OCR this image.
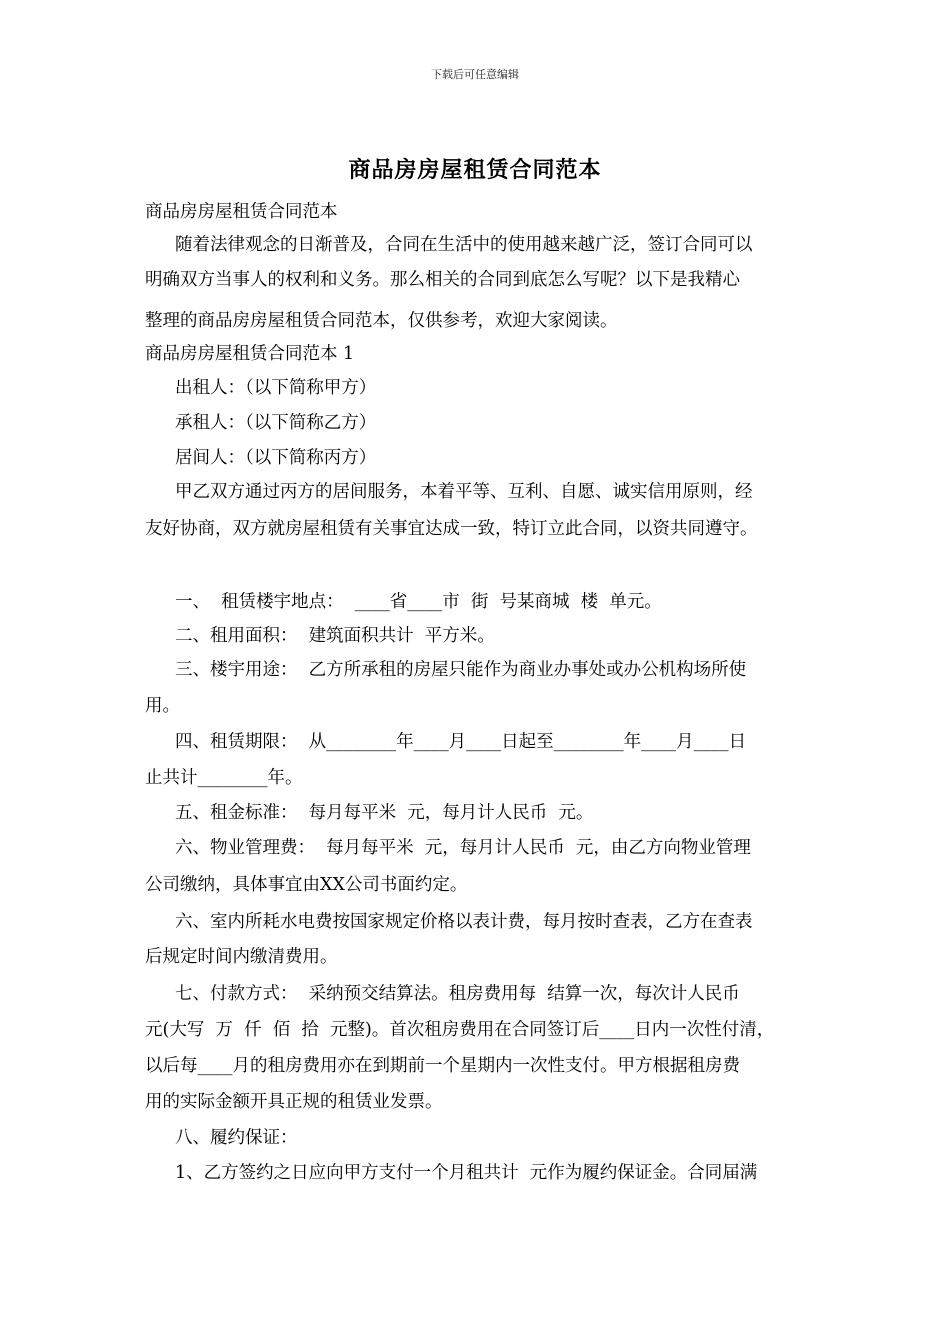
下载后可任意编辑
商品房房屋租赁合同范本
商品房房屋租赁合同范本
随着法律观念的日渐普及，合同在生活中的使用越来越广泛，签订合同可以
明确双方当事人的权利和义务。那么相关的合同到底怎么写呢？以下是我精心
整理的商品房房屋租赁合同范本，仅供参考，欢迎大家阅读。
商品房房屋租赁合同范本 1
出租人：（以下简称甲方）
承租人：（以下简称乙方）
居间人：（以下简称丙方）
甲乙双方通过丙方的居间服务，本着平等、互利、自愿、诚实信用原则，经
友好协商，双方就房屋租赁有关事宜达成一致，特订立此合同，以资共同遵守。
一、  租赁楼宇地点：  ____省____市  街  号某商城  楼  单元。
二、租用面积：  建筑面积共计  平方米。
三、楼宇用途：  乙方所承租的房屋只能作为商业办事处或办公机构场所使
用。
四、租赁期限：  从________年____月____日起至________年____月____日
止共计________年。
五、租金标准：  每月每平米  元，每月计人民币  元。
六、物业管理费：  每月每平米  元，每月计人民币  元，由乙方向物业管理
公司缴纳，具体事宜由XX公司书面约定。
六、室内所耗水电费按国家规定价格以表计费，每月按时查表，乙方在查表
后规定时间内缴清费用。
七、付款方式：  采纳预交结算法。租房费用每  结算一次，每次计人民币
元(大写  万  仟  佰  拾  元整)。首次租房费用在合同签订后____日内一次性付清，
以后每____月的租房费用亦在到期前一个星期内一次性支付。甲方根据租房费
用的实际金额开具正规的租赁业发票。
八、履约保证：
1、乙方签约之日应向甲方支付一个月租共计  元作为履约保证金。合同届满
